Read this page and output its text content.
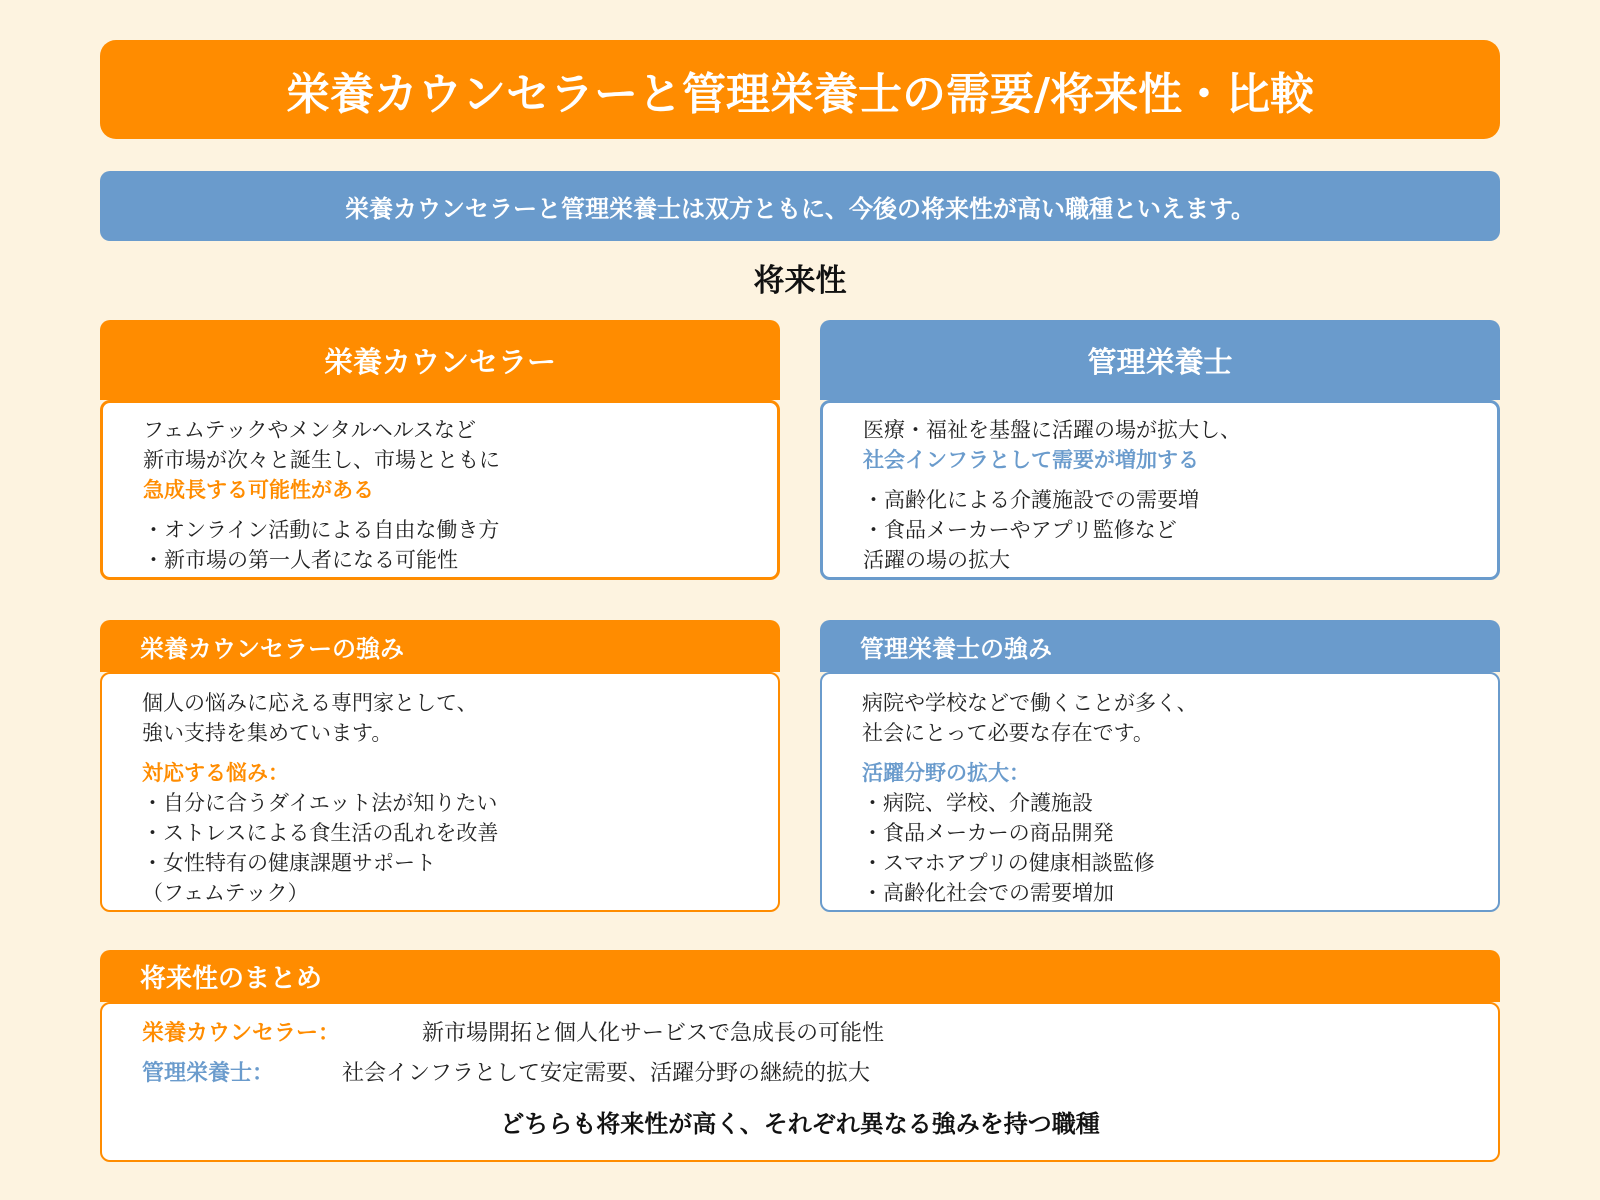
栄養カウンセラーと管理栄養士の需要/将来性・比較
栄養カウンセラーと管理栄養士は双方ともに、今後の将来性が高い職種といえます。
将来性
栄養カウンセラー
フェムテックやメンタルヘルスなど
新市場が次々と誕生し、市場とともに
急成長する可能性がある
・オンライン活動による自由な働き方
・新市場の第一人者になる可能性
管理栄養士
医療・福祉を基盤に活躍の場が拡大し、
社会インフラとして需要が増加する
・高齢化による介護施設での需要増
・食品メーカーやアプリ監修など
活躍の場の拡大
栄養カウンセラーの強み
個人の悩みに応える専門家として、
強い支持を集めています。
対応する悩み：
・自分に合うダイエット法が知りたい
・ストレスによる食生活の乱れを改善
・女性特有の健康課題サポート
（フェムテック）
管理栄養士の強み
病院や学校などで働くことが多く、
社会にとって必要な存在です。
活躍分野の拡大：
・病院、学校、介護施設
・食品メーカーの商品開発
・スマホアプリの健康相談監修
・高齢化社会での需要増加
将来性のまとめ
栄養カウンセラー：	新市場開拓と個人化サービスで急成長の可能性
管理栄養士：	社会インフラとして安定需要、活躍分野の継続的拡大
どちらも将来性が高く、それぞれ異なる強みを持つ職種
